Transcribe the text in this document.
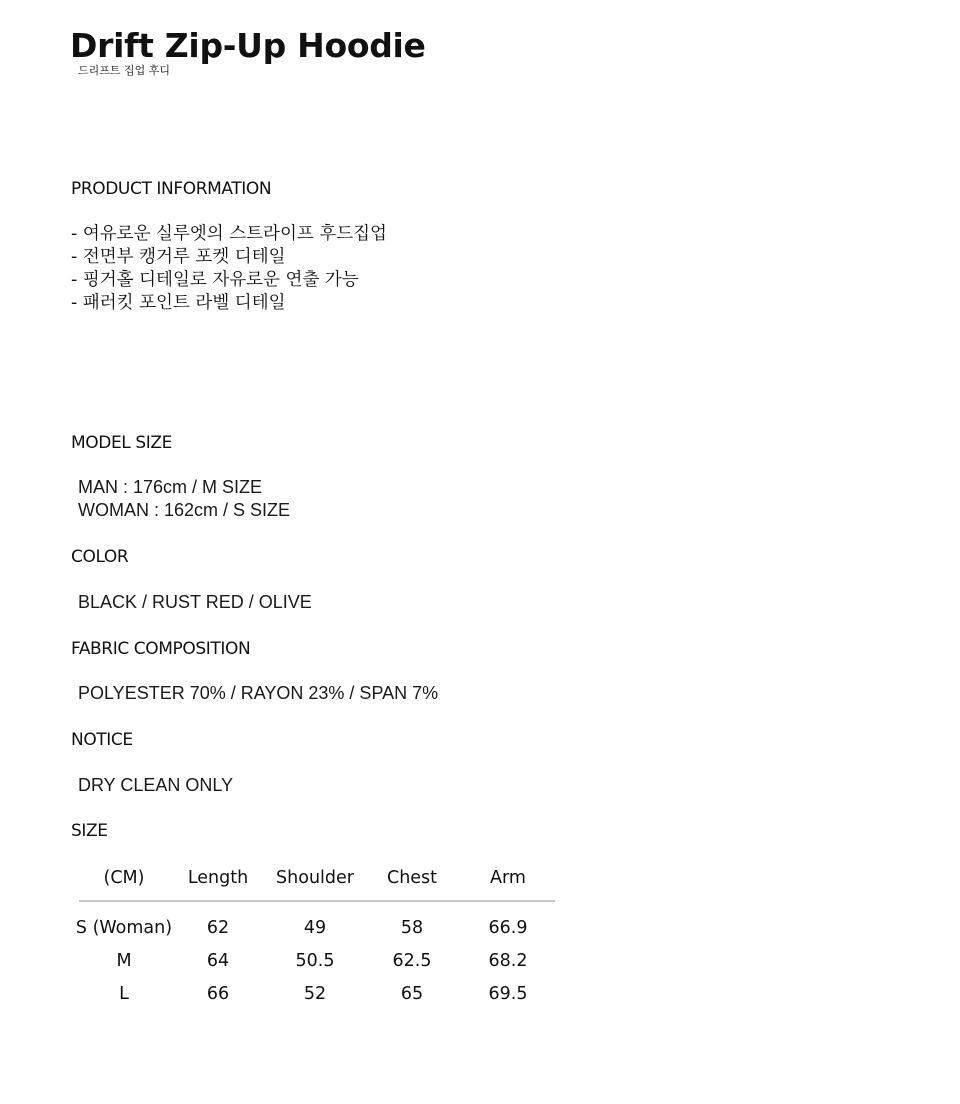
Drift Zip-Up Hoodie
드리프트 집업 후디
PRODUCT INFORMATION
- 여유로운 실루엣의 스트라이프 후드집업
- 전면부 캥거루 포켓 디테일
- 핑거홀 디테일로 자유로운 연출 가능
- 패러킷 포인트 라벨 디테일
MODEL SIZE
MAN : 176cm / M SIZE
WOMAN : 162cm / S SIZE
COLOR
BLACK / RUST RED / OLIVE
FABRIC COMPOSITION
POLYESTER 70% / RAYON 23% / SPAN 7%
NOTICE
DRY CLEAN ONLY
SIZE
(CM)	Length	Shoulder	Chest	Arm
S (Woman)	62	49	58	66.9
M	64	50.5	62.5	68.2
L	66	52	65	69.5
